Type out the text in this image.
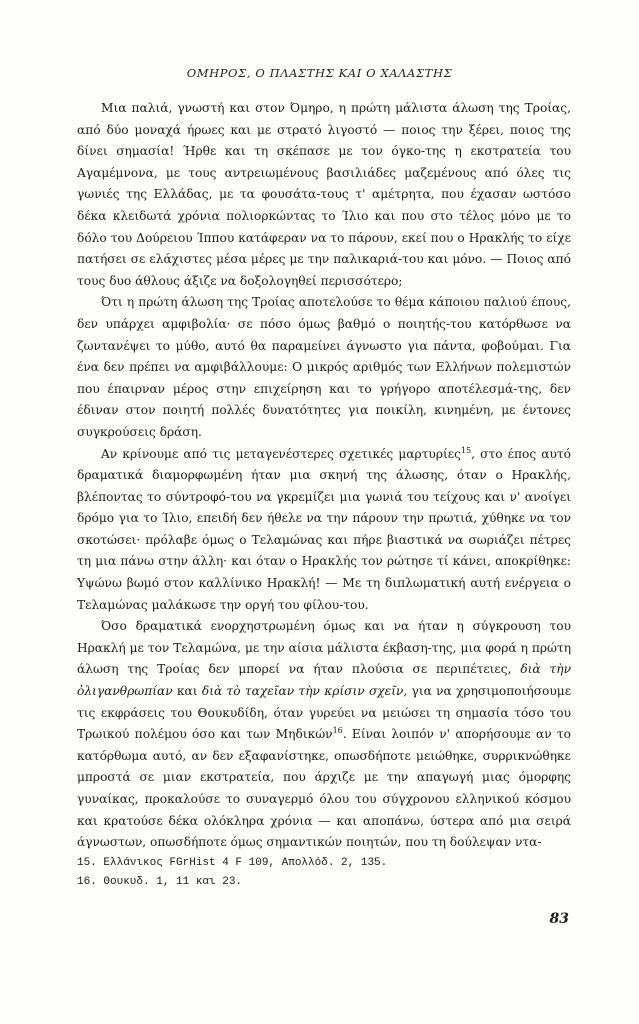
ΟΜΗΡΟΣ, Ο ΠΛΑΣΤΗΣ ΚΑΙ Ο ΧΑΛΑΣΤΗΣ

Μια παλιά, γνωστή και στον Όμηρο, η πρώτη μάλιστα άλωση της Τροίας, από δύο μοναχά ήρωες και με στρατό λιγοστό — ποιος την ξέρει, ποιος της δίνει σημασία! Ήρθε και τη σκέπασε με τον όγκο-της η εκστρατεία του Αγαμέμνονα, με τους αντρειωμένους βασιλιάδες μαζεμένους από όλες τις γωνιές της Ελλάδας, με τα φουσάτα-τους τ' αμέτρητα, που έχασαν ωστόσο δέκα κλειδωτά χρόνια πολιορκώντας το Ίλιο και που στο τέλος μόνο με το δόλο του Δούρειου Ίππου κατάφεραν να το πάρουν, εκεί που ο Ηρακλής το είχε πατήσει σε ελάχιστες μέσα μέρες με την παλικαριά-του και μόνο. — Ποιος από τους δυο άθλους άξιζε να δοξολογηθεί περισσότερο;

Ότι η πρώτη άλωση της Τροίας αποτελούσε το θέμα κάποιου παλιού έπους, δεν υπάρχει αμφιβολία· σε πόσο όμως βαθμό ο ποιητής-του κατόρθωσε να ζωντανέψει το μύθο, αυτό θα παραμείνει άγνωστο για πάντα, φοβούμαι. Για ένα δεν πρέπει να αμφιβάλλουμε: Ο μικρός αριθμός των Ελλήνων πολεμιστών που έπαιρναν μέρος στην επιχείρηση και το γρήγορο αποτέλεσμά-της, δεν έδιναν στον ποιητή πολλές δυνατότητες για ποικίλη, κινημένη, με έντονες συγκρούσεις δράση.

Αν κρίνουμε από τις μεταγενέστερες σχετικές μαρτυρίες$^{15}$, στο έπος αυτό δραματικά διαμορφωμένη ήταν μια σκηνή της άλωσης, όταν ο Ηρακλής, βλέποντας το σύντροφό-του να γκρεμίζει μια γωνιά του τείχους και ν' ανοίγει δρόμο για το Ίλιο, επειδή δεν ήθελε να την πάρουν την πρωτιά, χύθηκε να τον σκοτώσει· πρόλαβε όμως ο Τελαμώνας και πήρε βιαστικά να σωριάζει πέτρες τη μια πάνω στην άλλη· και όταν ο Ηρακλής τον ρώτησε τί κάνει, αποκρίθηκε: Υψώνω βωμό στον καλλίνικο Ηρακλή! — Με τη διπλωματική αυτή ενέργεια ο Τελαμώνας μαλάκωσε την οργή του φίλου-του.

Όσο δραματικά ενορχηστρωμένη όμως και να ήταν η σύγκρουση του Ηρακλή με τον Τελαμώνα, με την αίσια μάλιστα έκβαση-της, μια φορά η πρώτη άλωση της Τροίας δεν μπορεί να ήταν πλούσια σε περιπέτειες, διὰ τὴν ὀλιγανθρωπίαν και διὰ τὸ ταχεῖαν τὴν κρίσιν σχεῖν, για να χρησιμοποιήσουμε τις εκφράσεις του Θουκυδίδη, όταν γυρεύει να μειώσει τη σημασία τόσο του Τρωικού πολέμου όσο και των Μηδικών$^{16}$. Είναι λοιπόν ν' απορήσουμε αν το κατόρθωμα αυτό, αν δεν εξαφανίστηκε, οπωσδήποτε μειώθηκε, συρρικνώθηκε μπροστά σε μιαν εκστρατεία, που άρχιζε με την απαγωγή μιας όμορφης γυναίκας, προκαλούσε το συναγερμό όλου του σύγχρονου ελληνικού κόσμου και κρατούσε δέκα ολόκληρα χρόνια — και αποπάνω, ύστερα από μια σειρά άγνωστων, οπωσδήποτε όμως σημαντικών ποιητών, που τη δούλεψαν ντα-

15. Ελλάνικος FGrHist 4 F 109, Απολλόδ. 2, 135.
16. Θουκυδ. 1, 11 και 23.
83
